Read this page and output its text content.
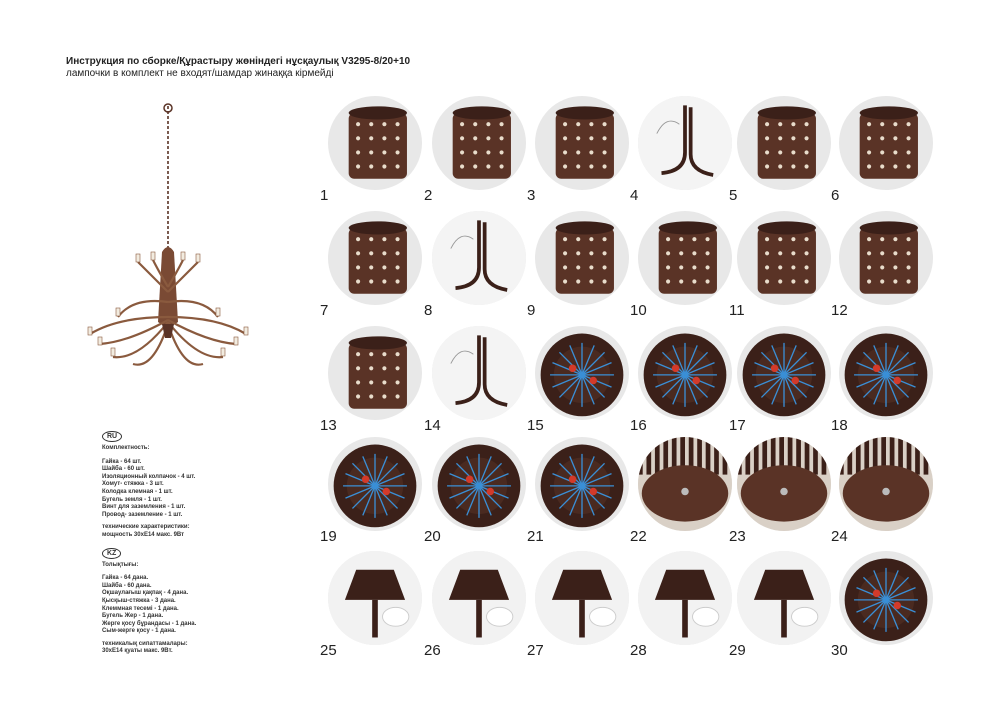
Инструкция по сборке/Құрастыру жөніндегі нұсқаулық V3295-8/20+10
лампочки в комплект не входят/шамдар жинаққа кірмейді
RU
Комплектность:
Гайка - 64 шт.
Шайба - 60 шт.
Изоляционный колпачок - 4 шт.
Хомут- стяжка - 3 шт.
Колодка клемная - 1 шт.
Бугель земля - 1 шт.
Винт для заземления - 1 шт.
Провод- заземление - 1 шт.
технические характеристики:
мощность 30хЕ14 макс. 9Вт
KZ
Толықтығы:
Гайка - 64 дана.
Шайба - 60 дана.
Оқшаулағыш қақпақ - 4 дана.
Қысқыш-стяжка - 3 дана.
Клеммная тесемі - 1 дана.
Бугель Жер - 1 дана.
Жерге қосу бұрандасы - 1 дана.
Сым-жерге қосу - 1 дана.
техникалық сипаттамалары:
30хЕ14 қуаты макс. 9Вт.
1	2	3	4	5	6
7	8	9	10	11	12
13	14	15	16	17	18
19	20	21	22	23	24
25	26	27	28	29	30
